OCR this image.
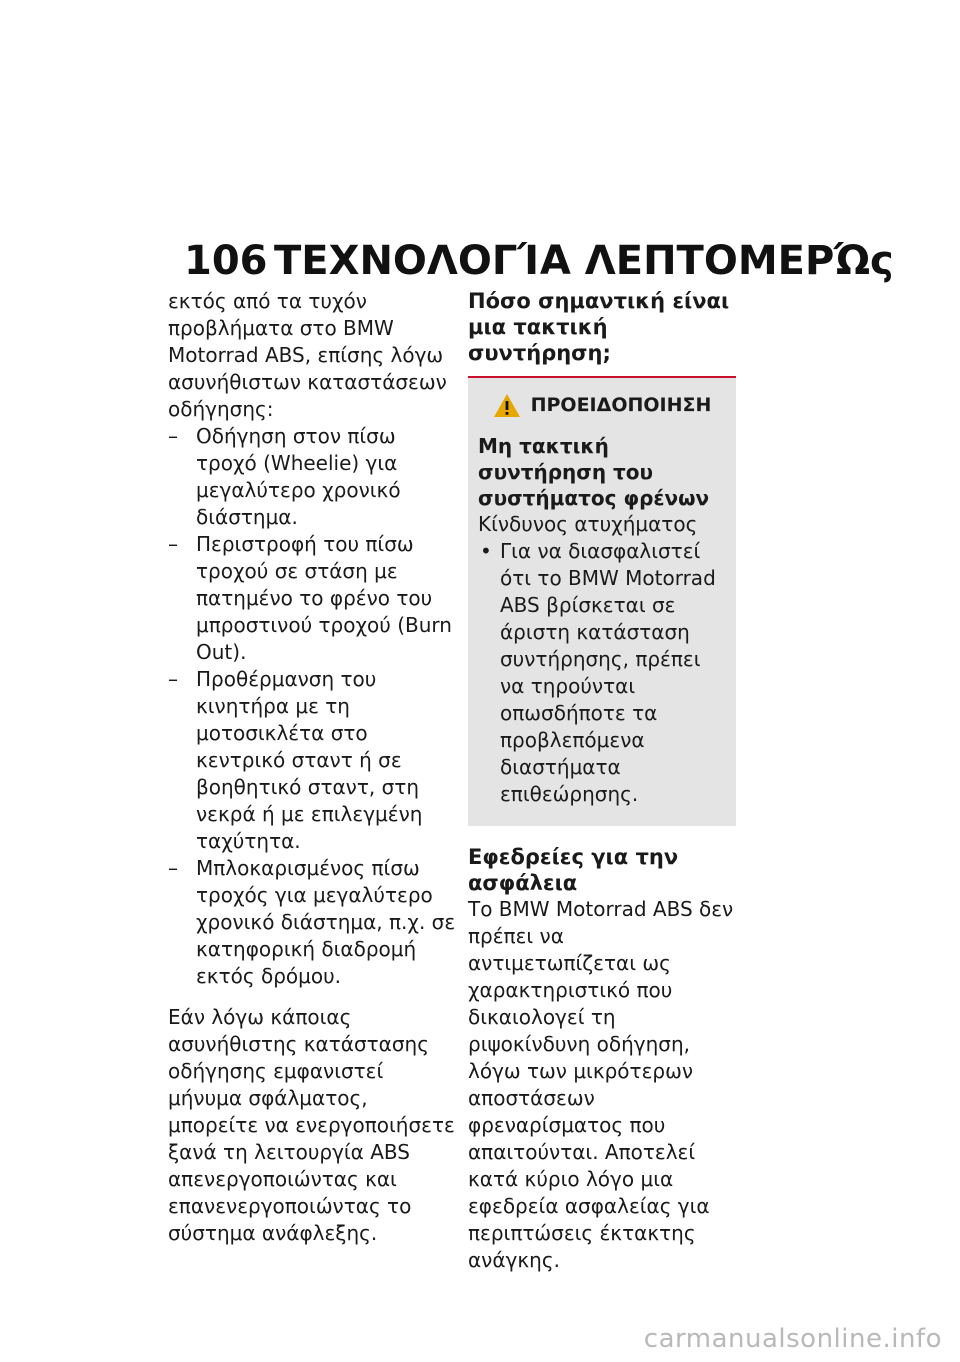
106 ΤΕΧΝΟΛΟΓΊΑ ΛΕΠΤΟΜΕΡΏς

εκτός από τα τυχόν προβλήματα στο BMW Motorrad ABS, επίσης λόγω ασυνήθιστων καταστάσεων οδήγησης:

– Οδήγηση στον πίσω τροχό (Wheelie) για μεγαλύτερο χρονικό διάστημα.
– Περιστροφή του πίσω τροχού σε στάση με πατημένο το φρένο του μπροστινού τροχού (Burn Out).
– Προθέρμανση του κινητήρα με τη μοτοσικλέτα στο κεντρικό σταντ ή σε βοηθητικό σταντ, στη νεκρά ή με επιλεγμένη ταχύτητα.
– Μπλοκαρισμένος πίσω τροχός για μεγαλύτερο χρονικό διάστημα, π.χ. σε κατηφορική διαδρομή εκτός δρόμου.

Εάν λόγω κάποιας ασυνήθιστης κατάστασης οδήγησης εμφανιστεί μήνυμα σφάλματος, μπορείτε να ενεργοποιήσετε ξανά τη λειτουργία ABS απενεργοποιώντας και επανενεργοποιώντας το σύστημα ανάφλεξης.

Πόσο σημαντική είναι μια τακτική συντήρηση;

ΠΡΟΕΙΔΟΠΟΙΗΣΗ
Μη τακτική συντήρηση του συστήματος φρένων
Κίνδυνος ατυχήματος
• Για να διασφαλιστεί ότι το BMW Motorrad ABS βρίσκεται σε άριστη κατάσταση συντήρησης, πρέπει να τηρούνται οπωσδήποτε τα προβλεπόμενα διαστήματα επιθεώρησης.

Εφεδρείες για την ασφάλεια

Το BMW Motorrad ABS δεν πρέπει να αντιμετωπίζεται ως χαρακτηριστικό που δικαιολογεί τη ριψοκίνδυνη οδήγηση, λόγω των μικρότερων αποστάσεων φρεναρίσματος που απαιτούνται. Αποτελεί κατά κύριο λόγο μια εφεδρεία ασφαλείας για περιπτώσεις έκτακτης ανάγκης.

carmanualsonline.info
